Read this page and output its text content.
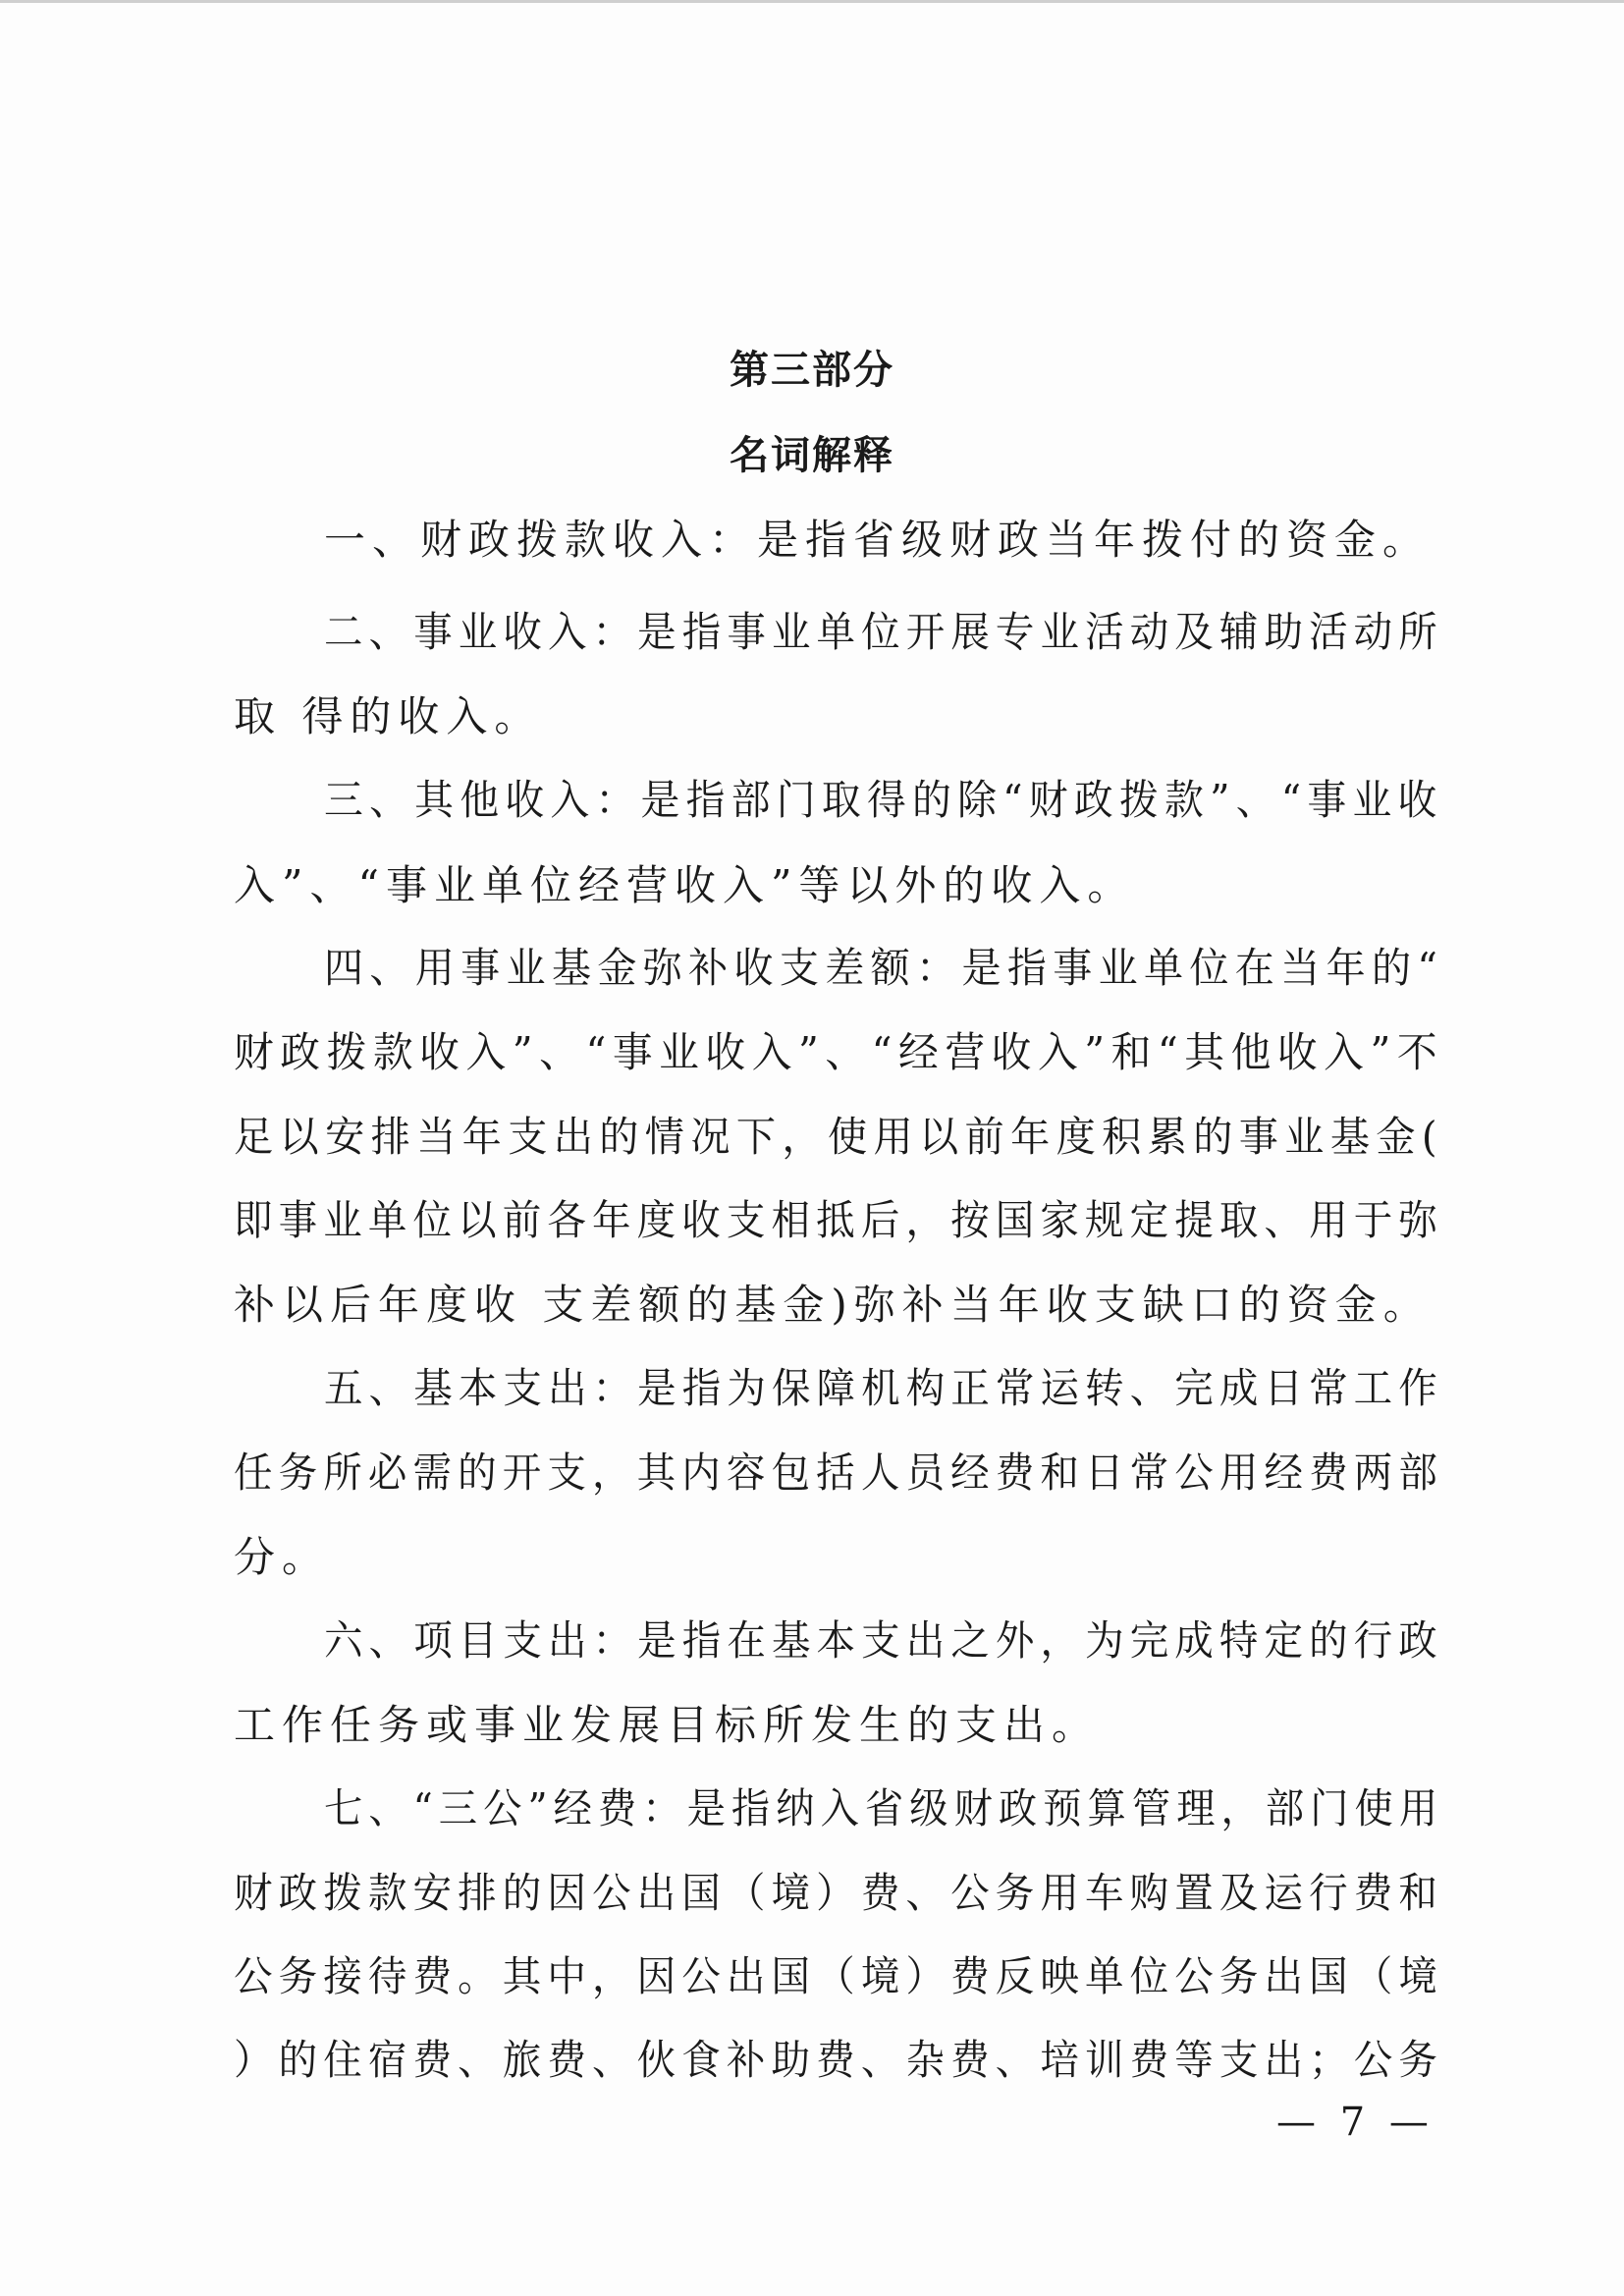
第三部分
名词解释
一、财政拨款收入：是指省级财政当年拨付的资金。
二、事业收入：是指事业单位开展专业活动及辅助活动所
取 得的收入。
三、其他收入：是指部门取得的除“财政拨款”、“事业收
入”、“事业单位经营收入”等以外的收入。
四、用事业基金弥补收支差额：是指事业单位在当年的“
财政拨款收入”、“事业收入”、“经营收入”和“其他收入”不
足以安排当年支出的情况下，使用以前年度积累的事业基金(
即事业单位以前各年度收支相抵后，按国家规定提取、用于弥
补以后年度收 支差额的基金)弥补当年收支缺口的资金。
五、基本支出：是指为保障机构正常运转、完成日常工作
任务所必需的开支，其内容包括人员经费和日常公用经费两部
分。
六、项目支出：是指在基本支出之外，为完成特定的行政
工作任务或事业发展目标所发生的支出。
七、“三公”经费：是指纳入省级财政预算管理，部门使用
财政拨款安排的因公出国（境）费、公务用车购置及运行费和
公务接待费。其中，因公出国（境）费反映单位公务出国（境
）的住宿费、旅费、伙食补助费、杂费、培训费等支出；公务
— 7 —
